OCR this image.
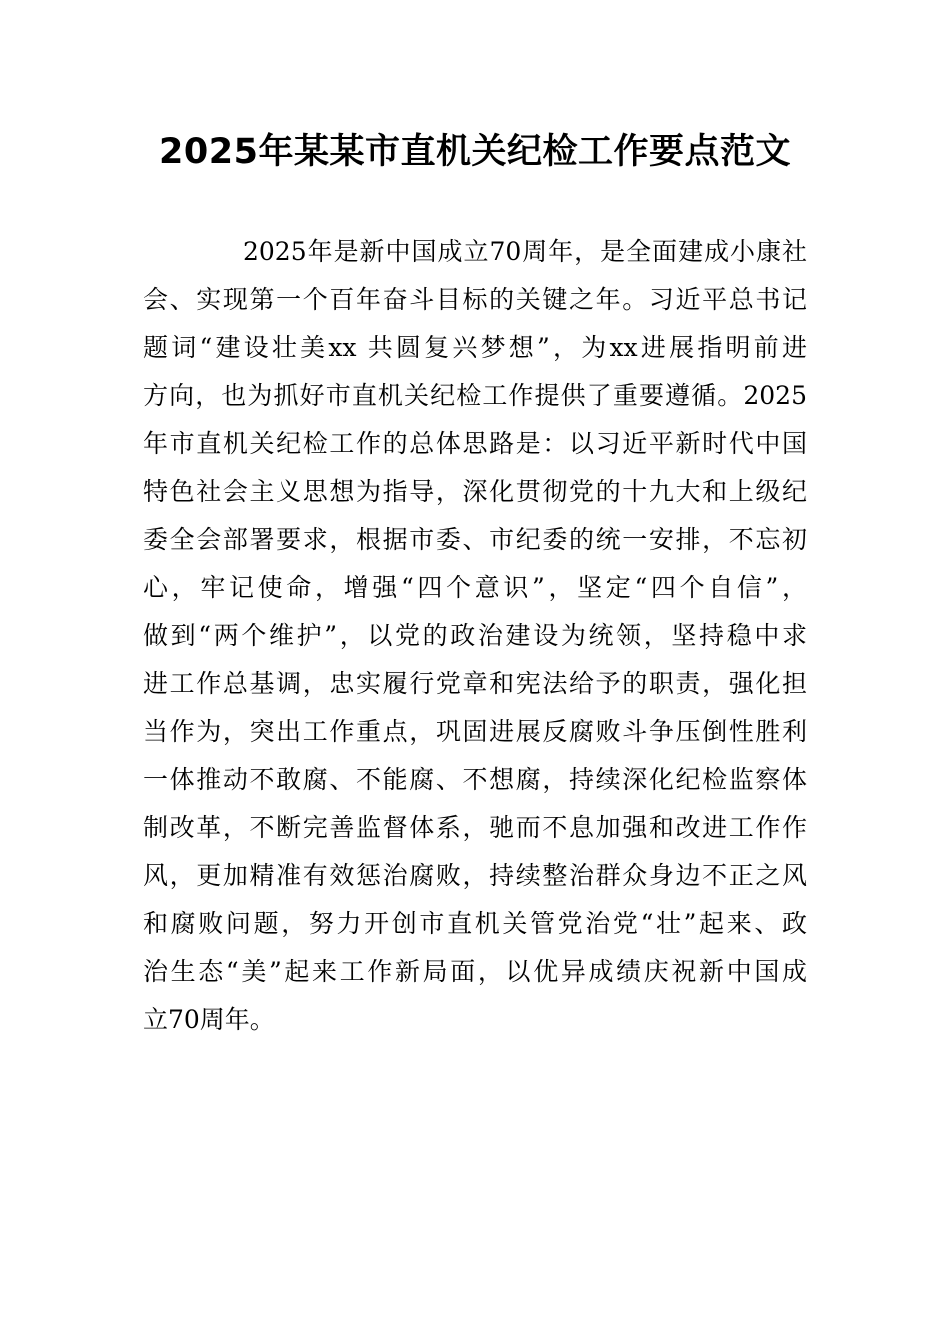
2025年某某市直机关纪检工作要点范文

2025年是新中国成立70周年，是全面建成小康社

会、实现第一个百年奋斗目标的关键之年。习近平总书记

题词“建设壮美xx 共圆复兴梦想”，为xx进展指明前进

方向，也为抓好市直机关纪检工作提供了重要遵循。2025

年市直机关纪检工作的总体思路是：以习近平新时代中国

特色社会主义思想为指导，深化贯彻党的十九大和上级纪

委全会部署要求，根据市委、市纪委的统一安排，不忘初

心，牢记使命，增强“四个意识”，坚定“四个自信”，

做到“两个维护”，以党的政治建设为统领，坚持稳中求

进工作总基调，忠实履行党章和宪法给予的职责，强化担

当作为，突出工作重点，巩固进展反腐败斗争压倒性胜利

一体推动不敢腐、不能腐、不想腐，持续深化纪检监察体

制改革，不断完善监督体系，驰而不息加强和改进工作作

风，更加精准有效惩治腐败，持续整治群众身边不正之风

和腐败问题，努力开创市直机关管党治党“壮”起来、政

治生态“美”起来工作新局面，以优异成绩庆祝新中国成

立70周年。
